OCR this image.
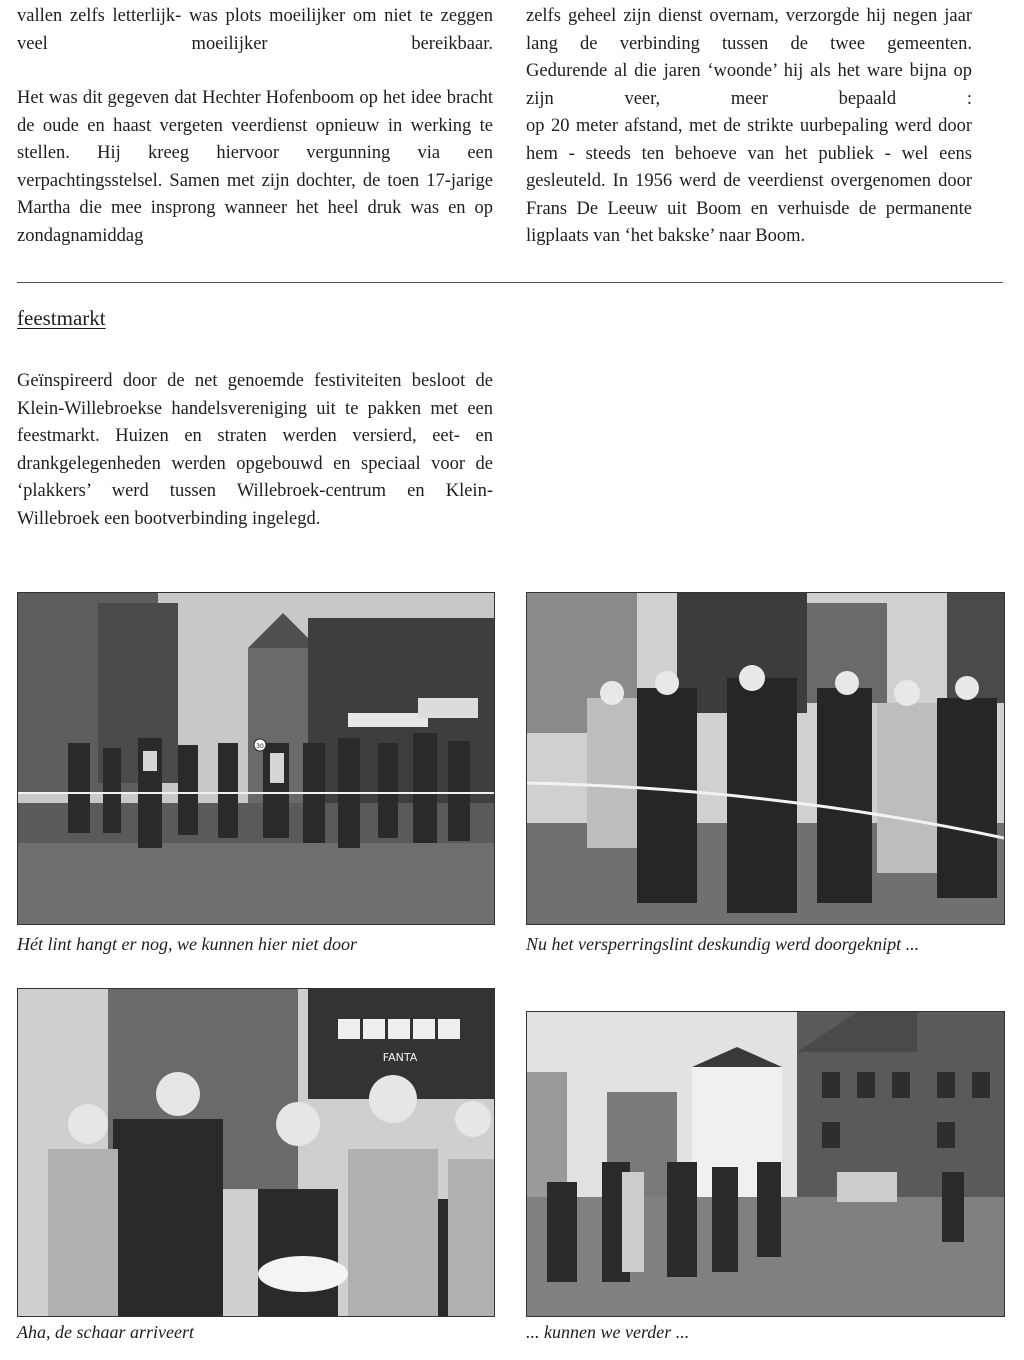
vallen zelfs letterlijk- was plots moeilijker om niet te zeggen veel moeilijker bereikbaar.

Het was dit gegeven dat Hechter Hofenboom op het idee bracht de oude en haast vergeten veerdienst opnieuw in werking te stellen. Hij kreeg hiervoor vergunning via een verpachtingsstelsel. Samen met zijn dochter, de toen 17-jarige Martha die mee insprong wanneer het heel druk was en op zondagnamiddag

zelfs geheel zijn dienst overnam, verzorgde hij negen jaar lang de verbinding tussen de twee gemeenten.

Gedurende al die jaren ‘woonde’ hij als het ware bijna op zijn veer, meer bepaald :

op 20 meter afstand, met de strikte uurbepaling werd door hem - steeds ten behoeve van het publiek - wel eens gesleuteld. In 1956 werd de veerdienst overgenomen door Frans De Leeuw uit Boom en verhuisde de permanente ligplaats van ‘het bakske’ naar Boom.

feestmarkt

Geïnspireerd door de net genoemde festiviteiten besloot de Klein-Willebroekse handelsvereniging uit te pakken met een feestmarkt. Huizen en straten werden versierd, eet- en drankgelegenheden werden opgebouwd en speciaal voor de ‘plakkers’ werd tussen Willebroek-centrum en Klein-Willebroek een bootverbinding ingelegd.

30

Hét lint hangt er nog, we kunnen hier niet door	Nu het versperringslint deskundig werd doorgeknipt ...

FANTA

Aha, de schaar arriveert	... kunnen we verder ...
